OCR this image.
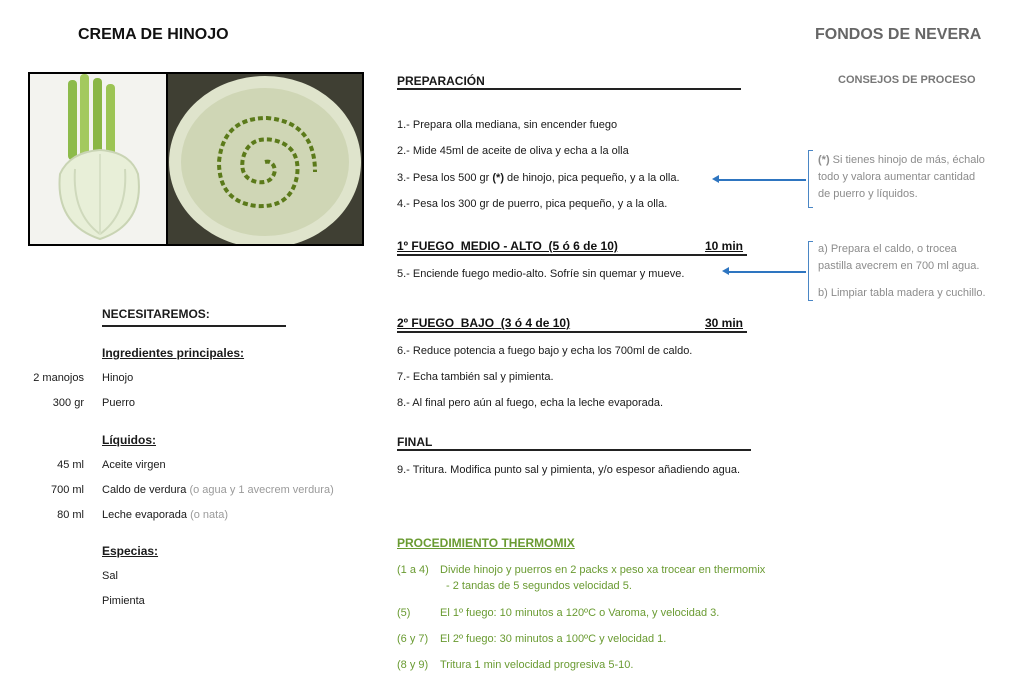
CREMA DE HINOJO	FONDOS DE NEVERA
NECESITAREMOS:
Ingredientes principales:
2 manojos Hinojo
300 gr Puerro
Líquidos:
45 ml Aceite virgen
700 ml Caldo de verdura (o agua y 1 avecrem verdura)
80 ml Leche evaporada (o nata)
Especias:
Sal
Pimienta
PREPARACIÓN
1.- Prepara olla mediana, sin encender fuego
2.- Mide 45ml de aceite de oliva y echa a la olla
3.- Pesa los 500 gr (*) de hinojo, pica pequeño, y a la olla.
4.- Pesa los 300 gr de puerro, pica pequeño, y a la olla.
1º FUEGO  MEDIO - ALTO  (5 ó 6 de 10)	10 min
5.- Enciende fuego medio-alto. Sofríe sin quemar y mueve.
2º FUEGO  BAJO  (3 ó 4 de 10)	30 min
6.- Reduce potencia a fuego bajo y echa los 700ml de caldo.
7.- Echa también sal y pimienta.
8.- Al final pero aún al fuego, echa la leche evaporada.
FINAL
9.- Tritura. Modifica punto sal y pimienta, y/o espesor añadiendo agua.
PROCEDIMIENTO THERMOMIX
(1 a 4) Divide hinojo y puerros en 2 packs x peso xa trocear en thermomix
- 2 tandas de 5 segundos velocidad 5.
(5)	El 1º fuego: 10 minutos a 120ºC o Varoma, y velocidad 3.
(6 y 7) El 2º fuego: 30 minutos a 100ºC y velocidad 1.
(8 y 9) Tritura 1 min velocidad progresiva 5-10.
CONSEJOS DE PROCESO
(*) Si tienes hinojo de más, échalo
todo y valora aumentar cantidad
de puerro y líquidos.
a) Prepara el caldo, o trocea
pastilla avecrem en 700 ml agua.
b) Limpiar tabla madera y cuchillo.
